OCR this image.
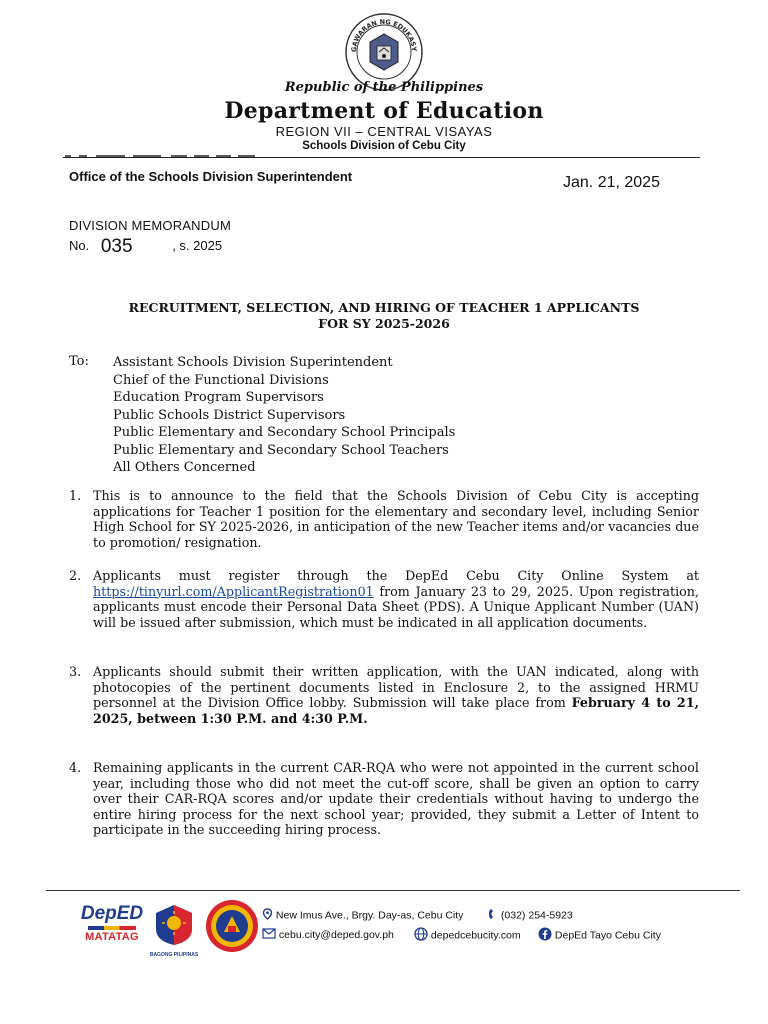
GAWARAN NG EDUKASY
Republic of the Philippines
Department of Education
REGION VII – CENTRAL VISAYAS
Schools Division of Cebu City
Office of the Schools Division Superintendent	Jan. 21, 2025
DIVISION MEMORANDUM
No. 035	, s. 2025
RECRUITMENT, SELECTION, AND HIRING OF TEACHER 1 APPLICANTS
FOR SY 2025-2026
To: Assistant Schools Division Superintendent
Chief of the Functional Divisions
Education Program Supervisors
Public Schools District Supervisors
Public Elementary and Secondary School Principals
Public Elementary and Secondary School Teachers
All Others Concerned
1. This is to announce to the field that the Schools Division of Cebu City is accepting applications for Teacher 1 position for the elementary and secondary level, including Senior High School for SY 2025-2026, in anticipation of the new Teacher items and/or vacancies due to promotion/ resignation.
2. Applicants must register through the DepEd Cebu City Online System at https://tinyurl.com/ApplicantRegistration01 from January 23 to 29, 2025. Upon registration, applicants must encode their Personal Data Sheet (PDS). A Unique Applicant Number (UAN) will be issued after submission, which must be indicated in all application documents.
3. Applicants should submit their written application, with the UAN indicated, along with photocopies of the pertinent documents listed in Enclosure 2, to the assigned HRMU personnel at the Division Office lobby. Submission will take place from February 4 to 21, 2025, between 1:30 P.M. and 4:30 P.M.
4. Remaining applicants in the current CAR-RQA who were not appointed in the current school year, including those who did not meet the cut-off score, shall be given an option to carry over their CAR-RQA scores and/or update their credentials without having to undergo the entire hiring process for the next school year; provided, they submit a Letter of Intent to participate in the succeeding hiring process.
DepED
MATATAG
BAGONG PILIPINAS
New Imus Ave., Brgy. Day-as, Cebu City	(032) 254-5923
cebu.city@deped.gov.ph	depedcebucity.com	DepEd Tayo Cebu City
